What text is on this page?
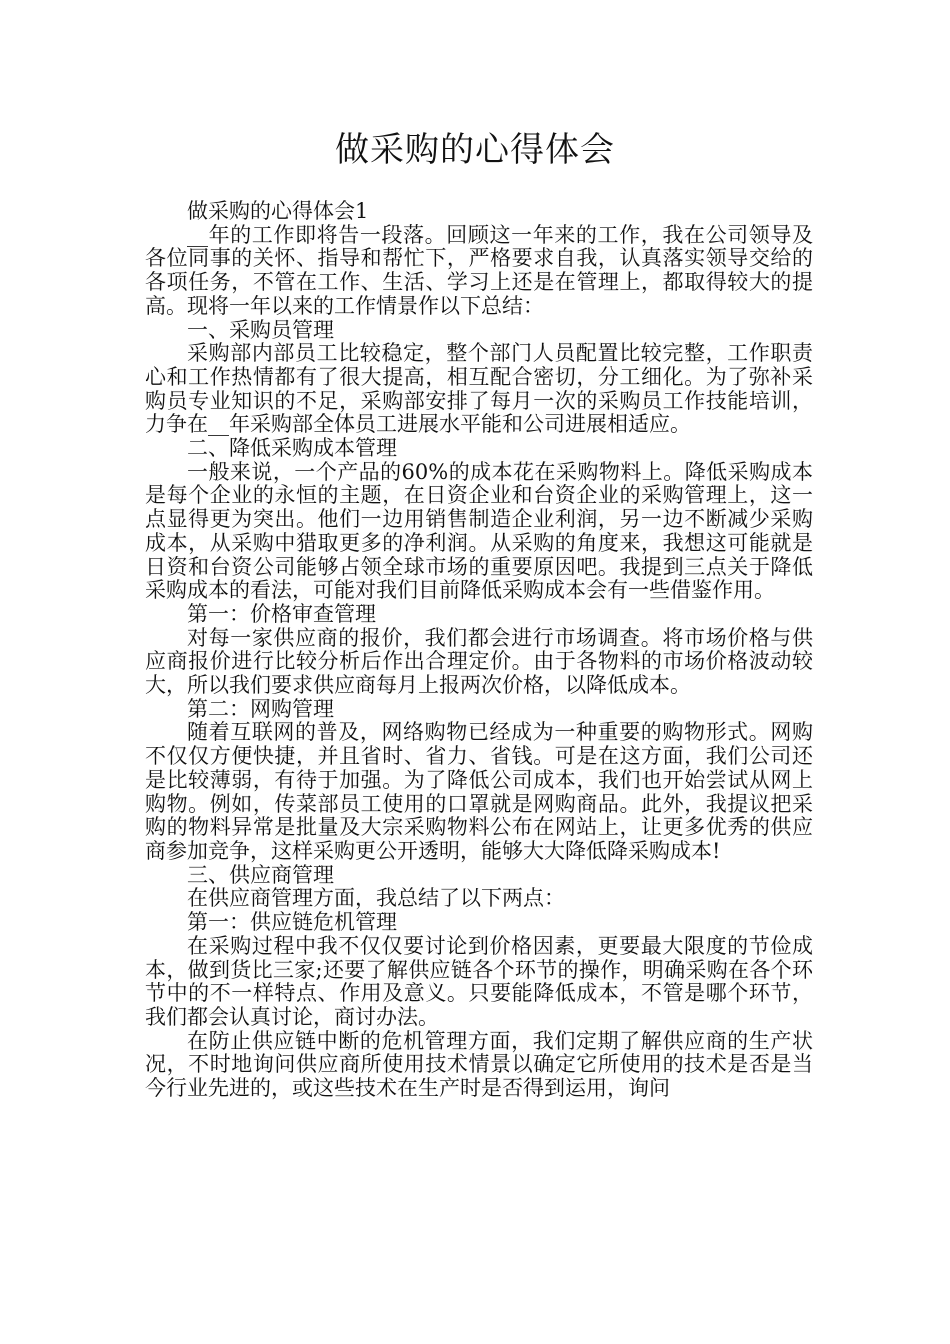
做采购的心得体会

做采购的心得体会1

__年的工作即将告一段落。回顾这一年来的工作，我在公司领导及各位同事的关怀、指导和帮忙下，严格要求自我，认真落实领导交给的各项任务，不管在工作、生活、学习上还是在管理上，都取得较大的提高。现将一年以来的工作情景作以下总结：

一、采购员管理

采购部内部员工比较稳定，整个部门人员配置比较完整，工作职责心和工作热情都有了很大提高，相互配合密切，分工细化。为了弥补采购员专业知识的不足，采购部安排了每月一次的采购员工作技能培训，力争在__年采购部全体员工进展水平能和公司进展相适应。

二、降低采购成本管理

一般来说，一个产品的60%的成本花在采购物料上。降低采购成本是每个企业的永恒的主题，在日资企业和台资企业的采购管理上，这一点显得更为突出。他们一边用销售制造企业利润，另一边不断减少采购成本，从采购中猎取更多的净利润。从采购的角度来，我想这可能就是日资和台资公司能够占领全球市场的重要原因吧。我提到三点关于降低采购成本的看法，可能对我们目前降低采购成本会有一些借鉴作用。

第一：价格审查管理

对每一家供应商的报价，我们都会进行市场调查。将市场价格与供应商报价进行比较分析后作出合理定价。由于各物料的市场价格波动较大，所以我们要求供应商每月上报两次价格，以降低成本。

第二：网购管理

随着互联网的普及，网络购物已经成为一种重要的购物形式。网购不仅仅方便快捷，并且省时、省力、省钱。可是在这方面，我们公司还是比较薄弱，有待于加强。为了降低公司成本，我们也开始尝试从网上购物。例如，传菜部员工使用的口罩就是网购商品。此外，我提议把采购的物料异常是批量及大宗采购物料公布在网站上，让更多优秀的供应商参加竞争，这样采购更公开透明，能够大大降低降采购成本!

三、供应商管理

在供应商管理方面，我总结了以下两点：

第一：供应链危机管理

在采购过程中我不仅仅要讨论到价格因素，更要最大限度的节俭成本，做到货比三家;还要了解供应链各个环节的操作，明确采购在各个环节中的不一样特点、作用及意义。只要能降低成本，不管是哪个环节，我们都会认真讨论，商讨办法。

在防止供应链中断的危机管理方面，我们定期了解供应商的生产状况，不时地询问供应商所使用技术情景以确定它所使用的技术是否是当今行业先进的，或这些技术在生产时是否得到运用，询问
